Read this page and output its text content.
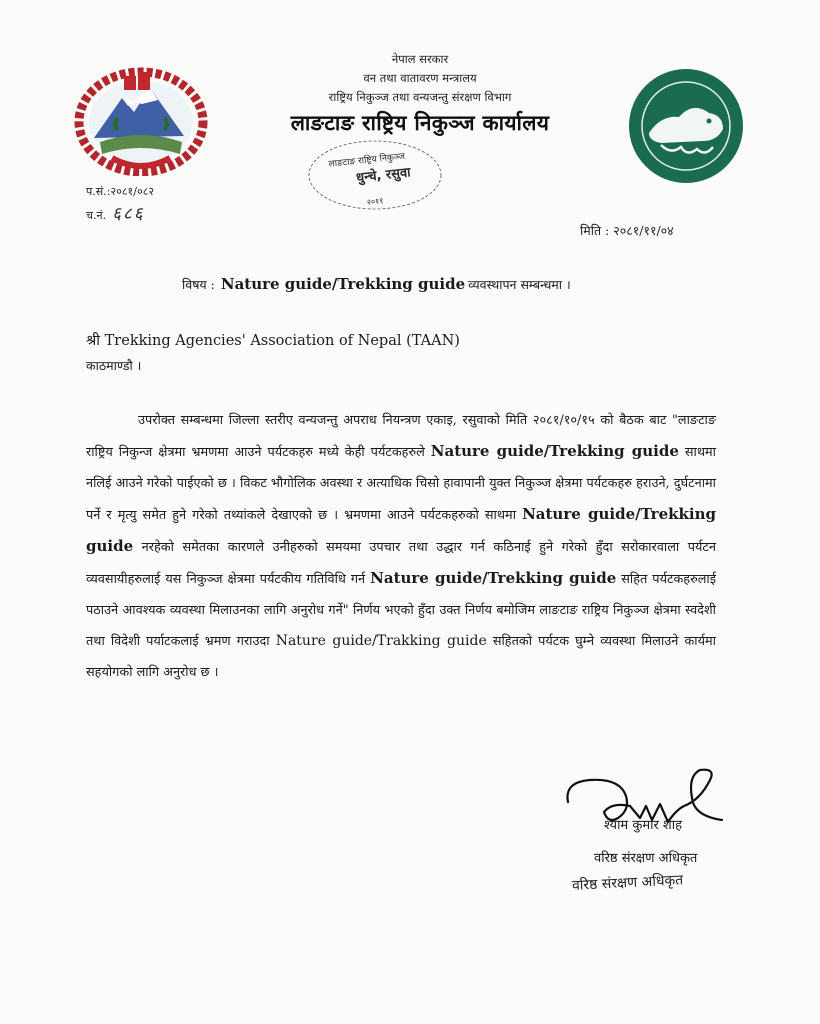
नेपाल सरकार
वन तथा वातावरण मन्त्रालय
राष्ट्रिय निकुञ्ज तथा वन्यजन्तु संरक्षण विभाग
लाङटाङ राष्ट्रिय निकुञ्ज कार्यालय
लाङटाङ राष्ट्रिय निकुञ्ज
धुन्चे, रसुवा
२०११
प.सं.:२०८१/०८२
च.नं. ६८६
मिति : २०८१/११/०४
विषय : Nature guide/Trekking guide व्यवस्थापन सम्बन्धमा ।
श्री Trekking Agencies' Association of Nepal (TAAN)
काठमाण्डौ ।
उपरोक्त सम्बन्धमा जिल्ला स्तरीए वन्यजन्तु अपराध नियन्त्रण एकाइ, रसुवाको मिति २०८१/१०/१५ को बैठक बाट "लाङटाङ राष्ट्रिय निकुन्ज क्षेत्रमा भ्रमणमा आउने पर्यटकहरु मध्ये केही पर्यटकहरुले Nature guide/Trekking guide साथमा नलिई आउने गरेको पाईएको छ । विकट भौगोलिक अवस्था र अत्याधिक चिसो हावापानी युक्त निकुञ्ज क्षेत्रमा पर्यटकहरु हराउने, दुर्घटनामा पर्ने र मृत्यु समेत हुने गरेको तथ्यांकले देखाएको छ । भ्रमणमा आउने पर्यटकहरुको साथमा Nature guide/Trekking guide नरहेको समेतका कारणले उनीहरुको समयमा उपचार तथा उद्धार गर्न कठिनाई हुने गरेको हुँदा सरोकारवाला पर्यटन व्यवसायीहरुलाई यस निकुञ्ज क्षेत्रमा पर्यटकीय गतिविधि गर्न Nature guide/Trekking guide सहित पर्यटकहरुलाई पठाउने आवश्यक व्यवस्था मिलाउनका लागि अनुरोध गर्ने" निर्णय भएको हुँदा उक्त निर्णय बमोजिम लाङटाङ राष्ट्रिय निकुञ्ज क्षेत्रमा स्वदेशी तथा विदेशी पर्याटकलाई भ्रमण गराउदा Nature guide/Trakking guide सहितको पर्यटक घुम्ने व्यवस्था मिलाउने कार्यमा सहयोगको लागि अनुरोध छ ।
श्याम कुमार शाह
वरिष्ठ संरक्षण अधिकृत
वरिष्ठ संरक्षण अधिकृत
